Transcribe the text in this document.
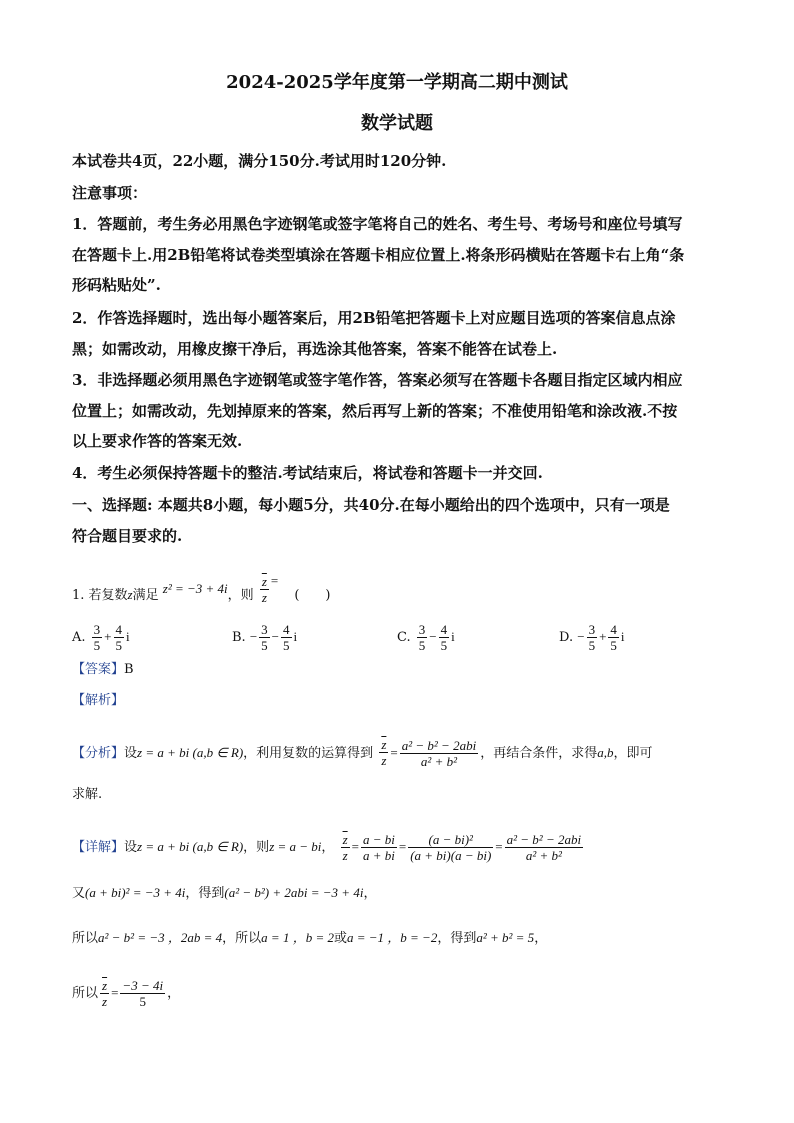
2024-2025学年度第一学期高二期中测试
数学试题
本试卷共4页，22小题，满分150分.考试用时120分钟.
注意事项：
1．答题前，考生务必用黑色字迹钢笔或签字笔将自己的姓名、考生号、考场号和座位号填写
在答题卡上.用2B铅笔将试卷类型填涂在答题卡相应位置上.将条形码横贴在答题卡右上角“条
形码粘贴处”.
2．作答选择题时，选出每小题答案后，用2B铅笔把答题卡上对应题目选项的答案信息点涂
黑；如需改动，用橡皮擦干净后，再选涂其他答案，答案不能答在试卷上.
3．非选择题必须用黑色字迹钢笔或签字笔作答，答案必须写在答题卡各题目指定区域内相应
位置上；如需改动，先划掉原来的答案，然后再写上新的答案；不准使用铅笔和涂改液.不按
以上要求作答的答案无效.
4．考生必须保持答题卡的整洁.考试结束后，将试卷和答题卡一并交回.
一、选择题: 本题共8小题，每小题5分，共40分.在每小题给出的四个选项中，只有一项是
符合题目要求的.
1. 若复数z满足 z² = −3 + 4i，则 $\frac{\overline{z}}{z}$ = (　　)
A. $\frac{3}{5} + \frac{4}{5}$ i	B. − $\frac{3}{5} - \frac{4}{5}$ i	C. $\frac{3}{5} - \frac{4}{5}$ i	D. − $\frac{3}{5} + \frac{4}{5}$ i
【答案】B
【解析】
【分析】设z = a + bi (a,b ∈ R)，利用复数的运算得到 $\frac{\overline{z}}{z} = \frac{\text{a² − b² − 2abi}}{\text{a² + b²}}$ ，再结合条件，求得a,b，即可
求解.
【详解】设z = a + bi (a,b ∈ R)，则z = a − bi， $\frac{\overline{z}}{z} = \frac{a - bi}{a + bi} = \frac{\text{(a − bi)²}}{(a + bi)(a - bi)} = \frac{\text{a² − b² − 2abi}}{\text{a² + b²}}$
又(a + bi)² = −3 + 4i，得到(a² − b²) + 2abi = −3 + 4i，
所以a² − b² = −3 ，2ab = 4，所以a = 1 ，b = 2或a = −1 ，b = −2，得到a² + b² = 5，
所以 $\frac{\overline{z}}{z} = \frac{-3 - 4i}{5}$ ，
